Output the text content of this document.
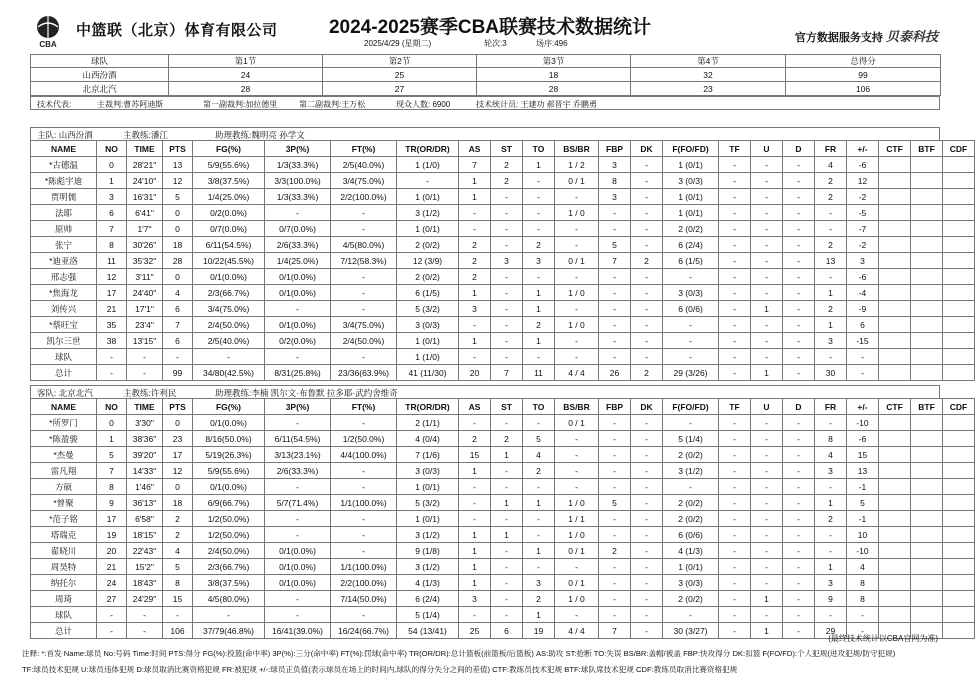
CBA
中篮联（北京）体育有限公司	2024-2025赛季CBA联赛技术数据统计
2025/4/29 (星期二)	轮次:3	场序:496	官方数据服务支持 贝泰科技
球队	第1节	第2节	第3节	第4节	总得分
山西汾酒	24	25	18	32	99
北京北汽	28	27	28	23	106
技术代表:	主裁判:曹苏阿迪斯	第一副裁判:加拉德里	第二副裁判:王万松	现众人数: 6900	技术统计员: 王建功 郝晋宇 乔鹏勇
主队: 山西汾酒	主教练:潘江	助理教练:魏明亮 孙学文
NAME	NO	TIME	PTS	FG(%)	3P(%)	FT(%)	TR(OR/DR)	AS	ST	TO	BS/BR	FBP	DK	F(FO/FD)	TF	U	D	FR	+/-	CTF	BTF	CDF
*古德温	0	28'21"	13	5/9(55.6%)	1/3(33.3%)	2/5(40.0%)	1 (1/0)	7	2	1	1 / 2	3	-	1 (0/1)	-	-	-	4	-6			
*陈彪宇迪	1	24'10"	12	3/8(37.5%)	3/3(100.0%)	3/4(75.0%)	-	1	2	-	0 / 1	8	-	3 (0/3)	-	-	-	2	12			
贾明儒	3	16'31"	5	1/4(25.0%)	1/3(33.3%)	2/2(100.0%)	1 (0/1)	1	-	-	-	3	-	1 (0/1)	-	-	-	2	-2			
法耶	6	6'41"	0	0/2(0.0%)	-	-	3 (1/2)	-	-	-	1 / 0	-	-	1 (0/1)	-	-	-	-	-5			
原帅	7	1'7"	0	0/7(0.0%)	0/7(0.0%)	-	1 (0/1)	-	-	-	-	-	-	2 (0/2)	-	-	-	-	-7			
张宁	8	30'26"	18	6/11(54.5%)	2/6(33.3%)	4/5(80.0%)	2 (0/2)	2	-	2	-	5	-	6 (2/4)	-	-	-	2	-2			
*迪亚洛	11	35'32"	28	10/22(45.5%)	1/4(25.0%)	7/12(58.3%)	12 (3/9)	2	3	3	0 / 1	7	2	6 (1/5)	-	-	-	13	3			
邢志强	12	3'11"	0	0/1(0.0%)	0/1(0.0%)	-	2 (0/2)	2	-	-	-	-	-	-	-	-	-	-	-6			
*焦海龙	17	24'40"	4	2/3(66.7%)	0/1(0.0%)	-	6 (1/5)	1	-	1	1 / 0	-	-	3 (0/3)	-	-	-	1	-4			
刘传兴	21	17'1"	6	3/4(75.0%)	-	-	5 (3/2)	3	-	1	-	-	-	6 (0/6)	-	1	-	2	-9			
*蔡旺宝	35	23'4"	7	2/4(50.0%)	0/1(0.0%)	3/4(75.0%)	3 (0/3)	-	-	2	1 / 0	-	-	-	-	-	-	1	6			
凯尔三世	38	13'15"	6	2/5(40.0%)	0/2(0.0%)	2/4(50.0%)	1 (0/1)	1	-	1	-	-	-	-	-	-	-	3	-15			
球队	-	-	-	-	-	-	1 (1/0)	-	-	-	-	-	-	-	-	-	-	-	-			
总计	-	-	99	34/80(42.5%)	8/31(25.8%)	23/36(63.9%)	41 (11/30)	20	7	11	4 / 4	26	2	29 (3/26)	-	1	-	30	-			
客队: 北京北汽	主教练:许利民	助理教练:李楠 凯尔文·布鲁默 拉多耶·武约舍维奇
NAME	NO	TIME	PTS	FG(%)	3P(%)	FT(%)	TR(OR/DR)	AS	ST	TO	BS/BR	FBP	DK	F(FO/FD)	TF	U	D	FR	+/-	CTF	BTF	CDF
*所罗门	0	3'30"	0	0/1(0.0%)	-	-	2 (1/1)	-	-	-	0 / 1	-	-	-	-	-	-	-	-10			
*陈盈骏	1	38'36"	23	8/16(50.0%)	6/11(54.5%)	1/2(50.0%)	4 (0/4)	2	2	5	-	-	-	5 (1/4)	-	-	-	8	-6			
*杰曼	5	39'20"	17	5/19(26.3%)	3/13(23.1%)	4/4(100.0%)	7 (1/6)	15	1	4	-	-	-	2 (0/2)	-	-	-	4	15			
雷凡翔	7	14'33"	12	5/9(55.6%)	2/6(33.3%)	-	3 (0/3)	1	-	2	-	-	-	3 (1/2)	-	-	-	3	13			
方硕	8	1'46"	0	0/1(0.0%)	-	-	1 (0/1)	-	-	-	-	-	-	-	-	-	-	-	-1			
*曾聚	9	36'13"	18	6/9(66.7%)	5/7(71.4%)	1/1(100.0%)	5 (3/2)	-	1	1	1 / 0	5	-	2 (0/2)	-	-	-	1	5			
*范子铭	17	6'58"	2	1/2(50.0%)	-	-	1 (0/1)	-	-	-	1 / 1	-	-	2 (0/2)	-	-	-	2	-1			
塔瑞克	19	18'15"	2	1/2(50.0%)	-	-	3 (1/2)	1	1	-	1 / 0	-	-	6 (0/6)	-	-	-	-	10			
翟晓川	20	22'43"	4	2/4(50.0%)	0/1(0.0%)	-	9 (1/8)	1	-	1	0 / 1	2	-	4 (1/3)	-	-	-	-	-10			
周昊特	21	15'2"	5	2/3(66.7%)	0/1(0.0%)	1/1(100.0%)	3 (1/2)	1	-	-	-	-	-	1 (0/1)	-	-	-	1	4			
纳托尔	24	18'43"	8	3/8(37.5%)	0/1(0.0%)	2/2(100.0%)	4 (1/3)	1	-	3	0 / 1	-	-	3 (0/3)	-	-	-	3	8			
周琦	27	24'29"	15	4/5(80.0%)	-	7/14(50.0%)	6 (2/4)	3	-	2	1 / 0	-	-	2 (0/2)	-	1	-	9	8			
球队	-	-	-	-	-	-	5 (1/4)	-	-	1	-	-	-	-	-	-	-	-	-			
总计	-	-	106	37/79(46.8%)	16/41(39.0%)	16/24(66.7%)	54 (13/41)	25	6	19	4 / 4	7	-	30 (3/27)	-	1	-	29	-			
(最终技术统计以CBA官网为准)
注释: *:首发 Name:球员 No:号码 Time:时间 PTS:得分 FG(%):投篮(命中率) 3P(%):三分(命中率) FT(%):罚球(命中率) TR(OR/DR):总计篮板(前篮板/后篮板) AS:助攻 ST:抢断 TO:失误 BS/BR:盖帽/被盖 FBP:快攻得分 DK:扣篮 F(FO/FD):个人犯规(进攻犯规/防守犯规)
TF:球员技术犯规 U:球员违体犯规 D:球员取消比赛资格犯规 FR:被犯规 +/-:球员正负值(表示球员在场上的时间内,球队的得分失分之间的差值) CTF:教练员技术犯规 BTF:球队席技术犯规 CDF:教练员取消比赛资格犯规
